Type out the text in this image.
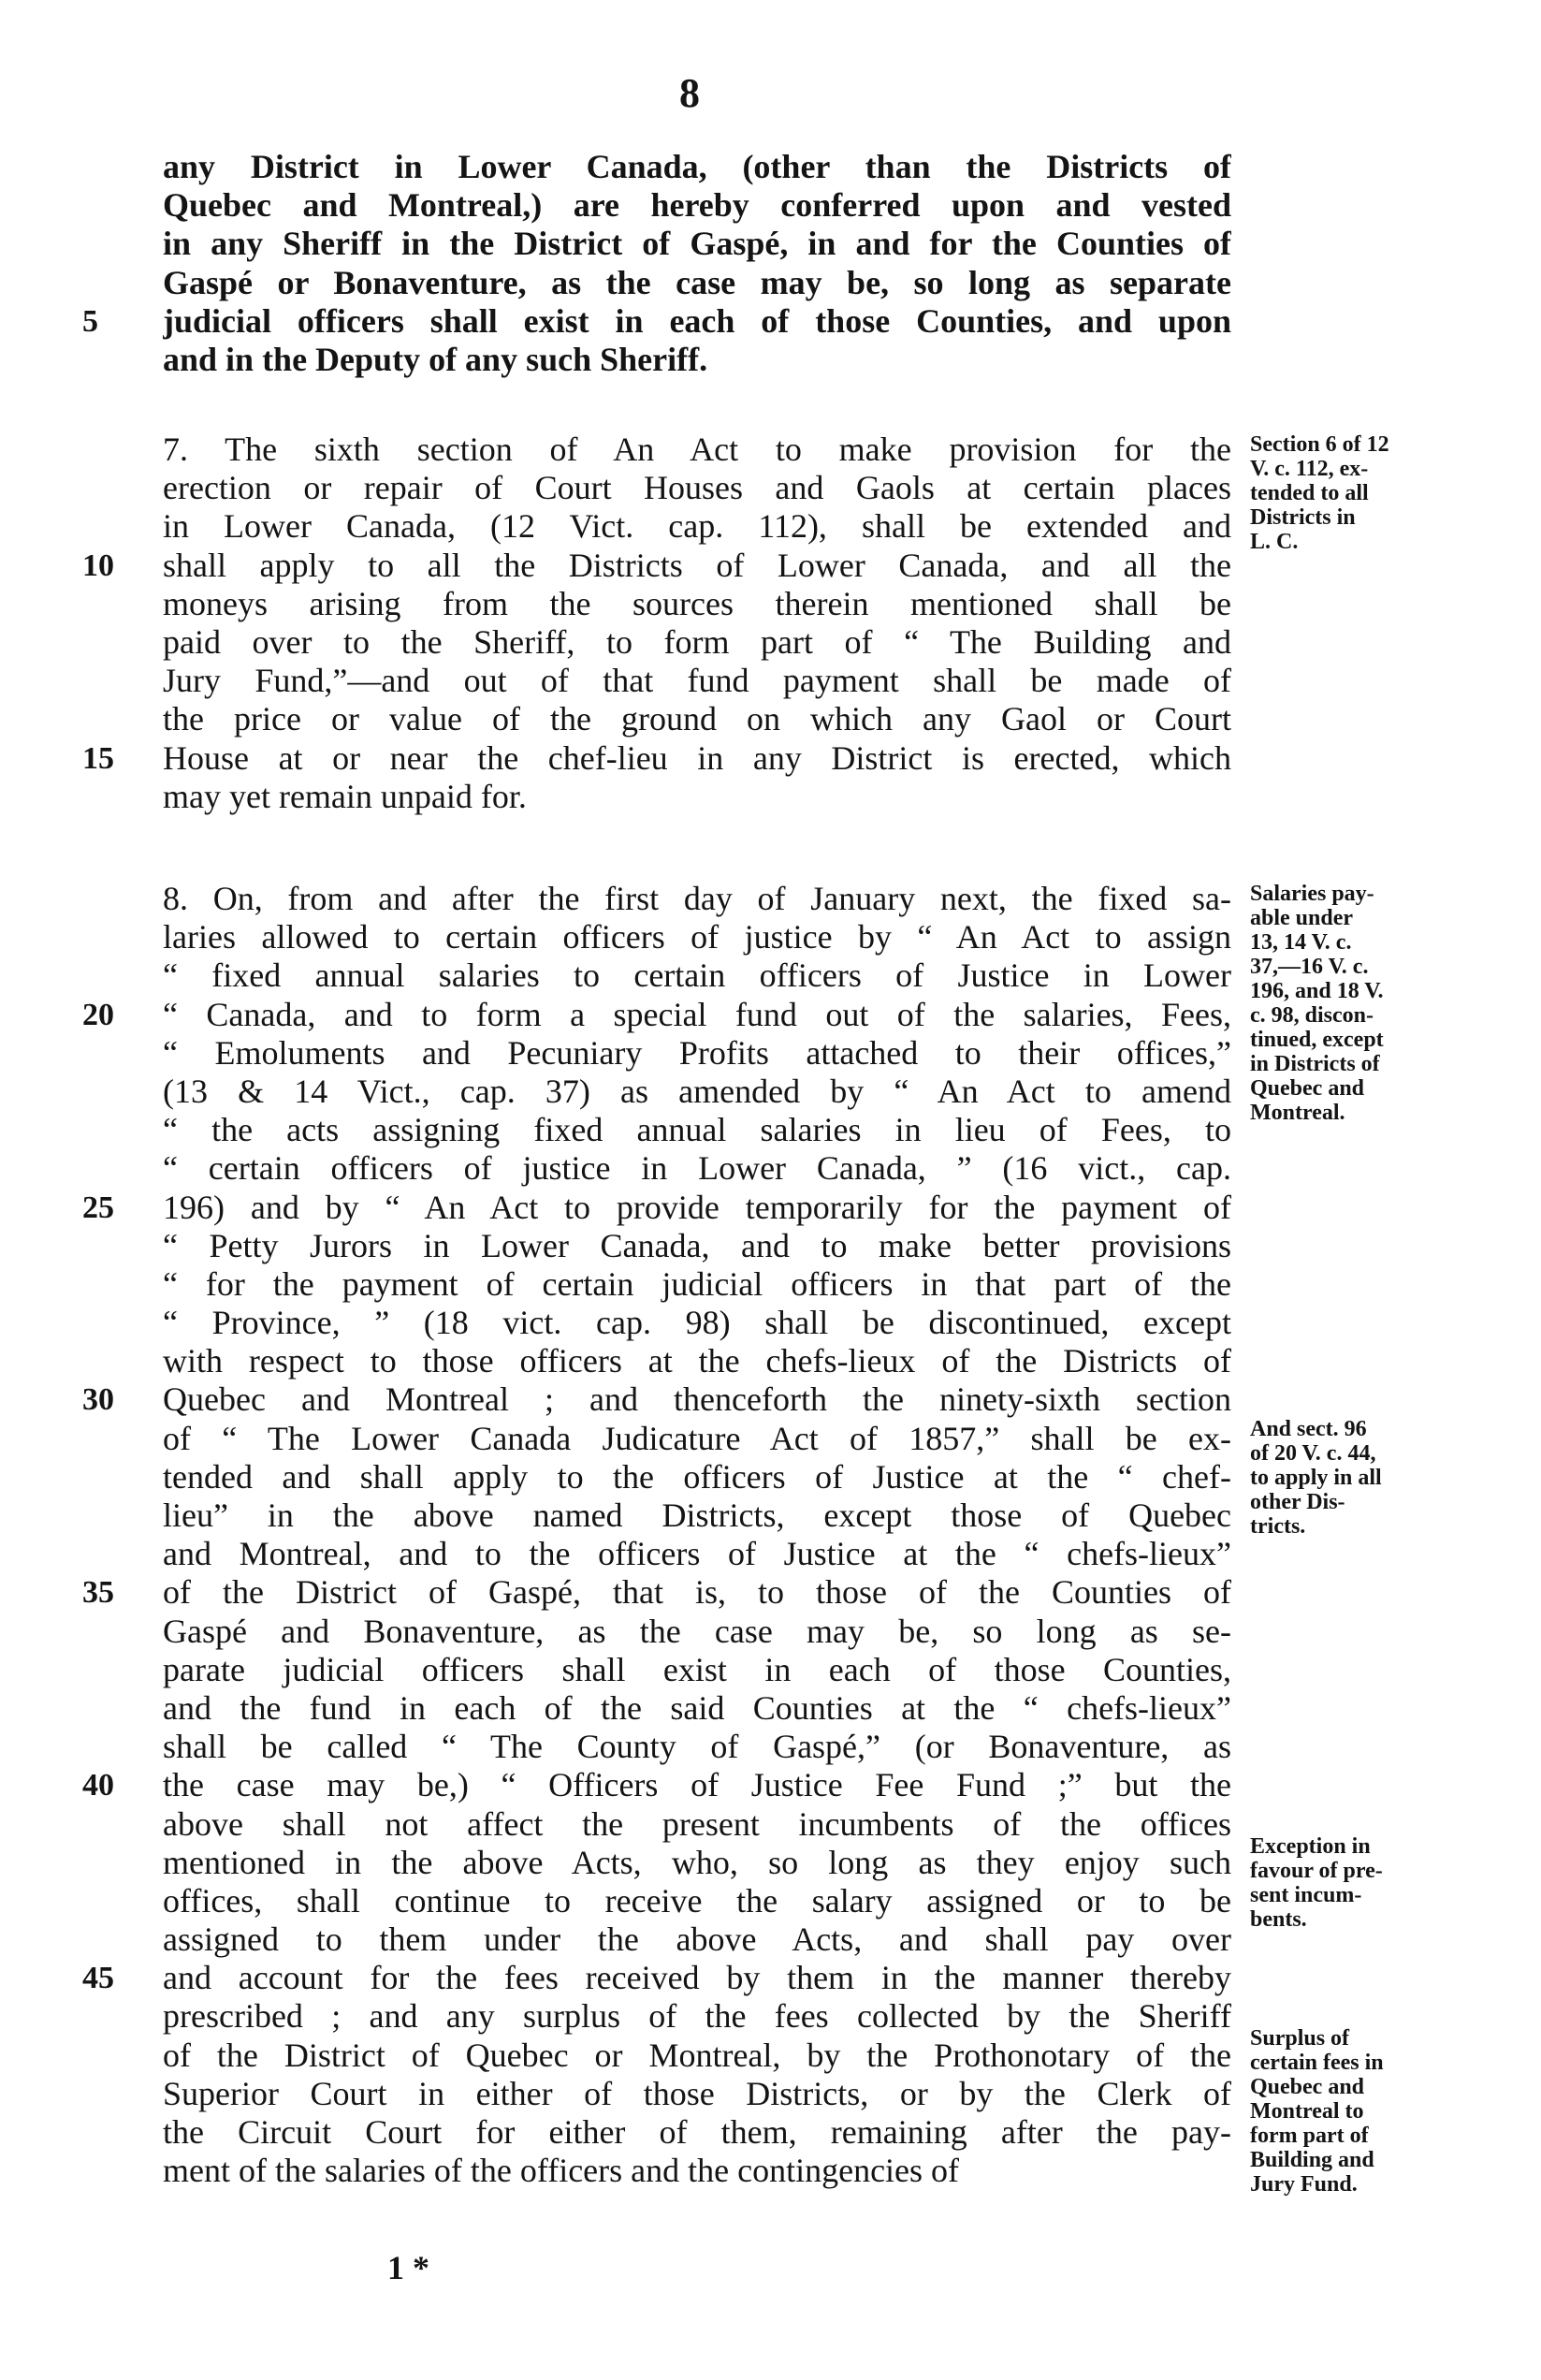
8
any District in Lower Canada, (other than the Districts of
Quebec and Montreal,) are hereby conferred upon and vested
in any Sheriff in the District of Gaspé, in and for the Counties of
Gaspé or Bonaventure, as the case may be, so long as separate
5	judicial officers shall exist in each of those Counties, and upon
and in the Deputy of any such Sheriff.
7. The sixth section of An Act to make provision for the
erection or repair of Court Houses and Gaols at certain places
in Lower Canada, (12 Vict. cap. 112), shall be extended and
10	shall apply to all the Districts of Lower Canada, and all the
moneys arising from the sources therein mentioned shall be
paid over to the Sheriff, to form part of “ The Building and
Jury Fund,”—and out of that fund payment shall be made of
the price or value of the ground on which any Gaol or Court
15	House at or near the chef-lieu in any District is erected, which
may yet remain unpaid for.
8. On, from and after the first day of January next, the fixed sa-
laries allowed to certain officers of justice by “ An Act to assign
“ fixed annual salaries to certain officers of Justice in Lower
20	“ Canada, and to form a special fund out of the salaries, Fees,
“ Emoluments and Pecuniary Profits attached to their offices,”
(13 & 14 Vict., cap. 37) as amended by “ An Act to amend
“ the acts assigning fixed annual salaries in lieu of Fees, to
“ certain officers of justice in Lower Canada, ” (16 vict., cap.
25	196) and by “ An Act to provide temporarily for the payment of
“ Petty Jurors in Lower Canada, and to make better provisions
“ for the payment of certain judicial officers in that part of the
“ Province, ” (18 vict. cap. 98) shall be discontinued, except
with respect to those officers at the chefs-lieux of the Districts of
30	Quebec and Montreal ; and thenceforth the ninety-sixth section
of “ The Lower Canada Judicature Act of 1857,” shall be ex-
tended and shall apply to the officers of Justice at the “ chef-
lieu” in the above named Districts, except those of Quebec
and Montreal, and to the officers of Justice at the “ chefs-lieux”
35	of the District of Gaspé, that is, to those of the Counties of
Gaspé and Bonaventure, as the case may be, so long as se-
parate judicial officers shall exist in each of those Counties,
and the fund in each of the said Counties at the “ chefs-lieux”
shall be called “ The County of Gaspé,” (or Bonaventure, as
40	the case may be,) “ Officers of Justice Fee Fund ;” but the
above shall not affect the present incumbents of the offices
mentioned in the above Acts, who, so long as they enjoy such
offices, shall continue to receive the salary assigned or to be
assigned to them under the above Acts, and shall pay over
45	and account for the fees received by them in the manner thereby
prescribed ; and any surplus of the fees collected by the Sheriff
of the District of Quebec or Montreal, by the Prothonotary of the
Superior Court in either of those Districts, or by the Clerk of
the Circuit Court for either of them, remaining after the pay-
ment of the salaries of the officers and the contingencies of
Section 6 of 12
V. c. 112, ex-
tended to all
Districts in
L. C.
Salaries pay-
able under
13, 14 V. c.
37,—16 V. c.
196, and 18 V.
c. 98, discon-
tinued, except
in Districts of
Quebec and
Montreal.
And sect. 96
of 20 V. c. 44,
to apply in all
other Dis-
tricts.
Exception in
favour of pre-
sent incum-
bents.
Surplus of
certain fees in
Quebec and
Montreal to
form part of
Building and
Jury Fund.
1 *
